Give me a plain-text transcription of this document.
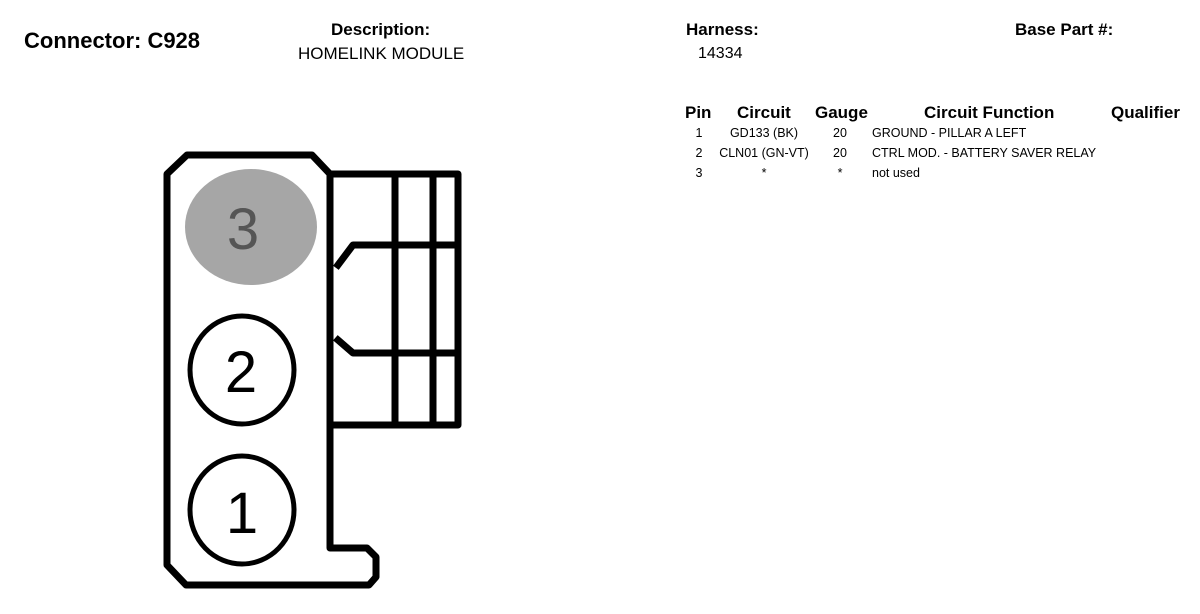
Connector: C928	Description:
HOMELINK MODULE
Harness:
14334
Base Part #:
Pin Circuit Gauge	Circuit Function	Qualifier
1	GD133 (BK)	20	GROUND - PILLAR A LEFT
2	CLN01 (GN-VT)	20	CTRL MOD. - BATTERY SAVER RELAY
3	*	*	not used
3
2
1
